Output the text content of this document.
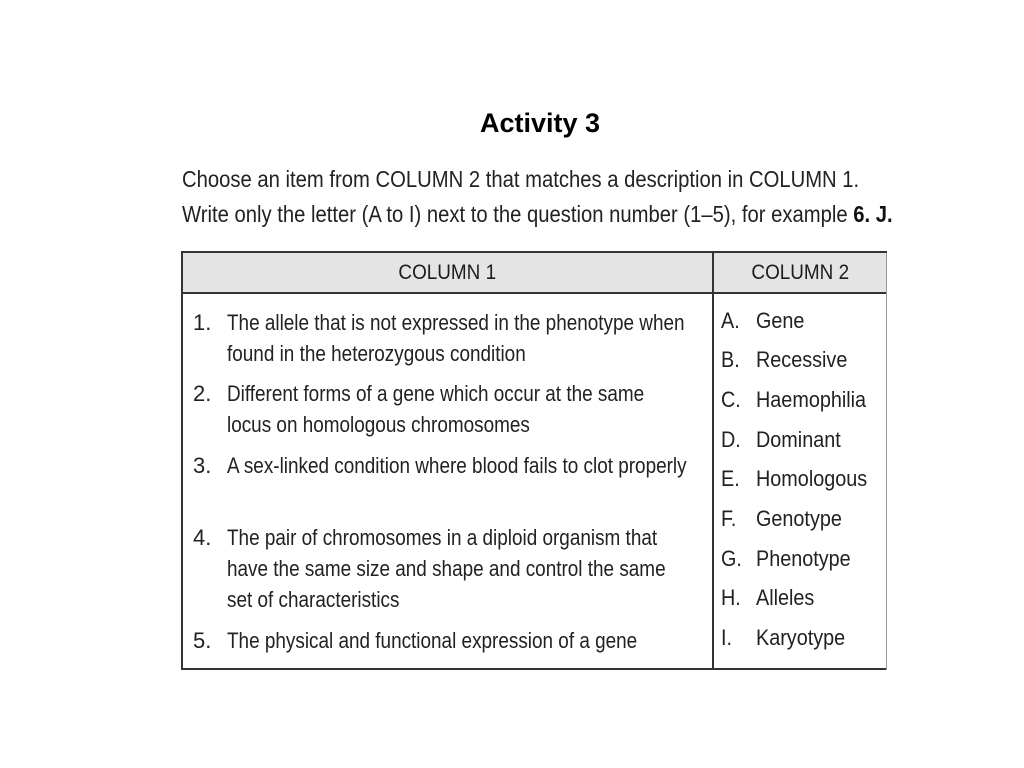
Activity 3
Choose an item from COLUMN 2 that matches a description in COLUMN 1.
Write only the letter (A to I) next to the question number (1–5), for example 6. J.
COLUMN 1	COLUMN 2
1. The allele that is not expressed in the phenotype when found in the heterozygous condition
2. Different forms of a gene which occur at the same locus on homologous chromosomes
3. A sex-linked condition where blood fails to clot properly
4. The pair of chromosomes in a diploid organism that have the same size and shape and control the same set of characteristics
5. The physical and functional expression of a gene
A. Gene
B. Recessive
C. Haemophilia
D. Dominant
E. Homologous
F. Genotype
G. Phenotype
H. Alleles
I. Karyotype
